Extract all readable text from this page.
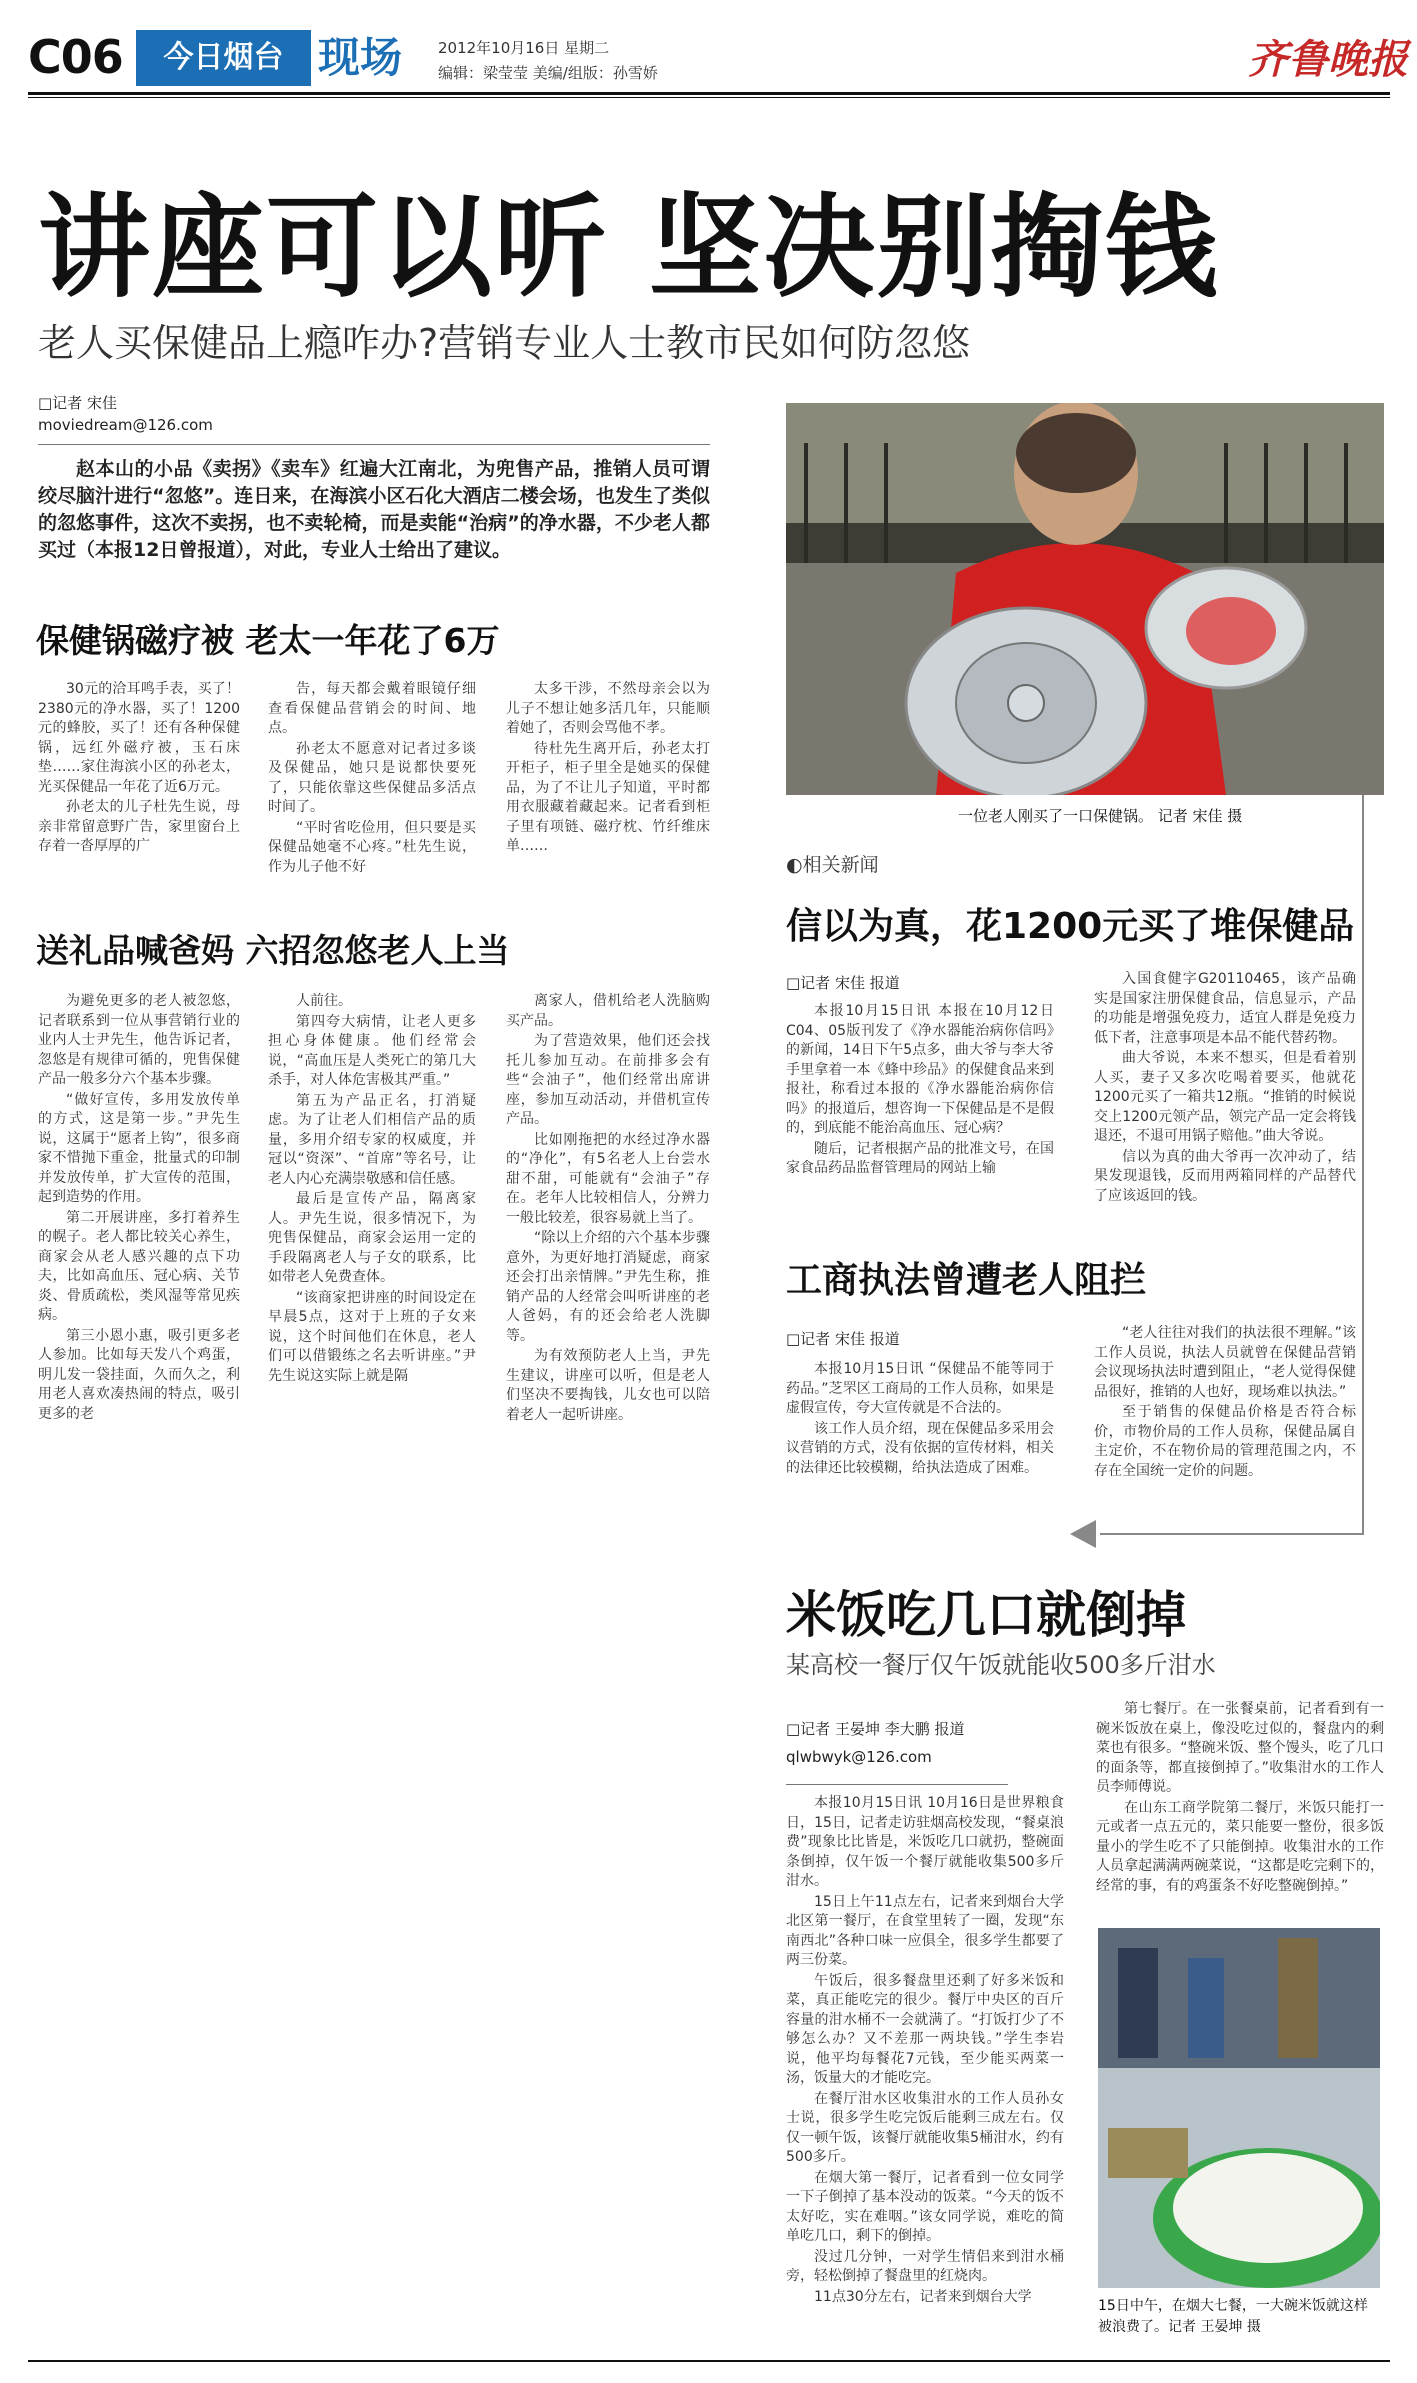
C06	今日烟台 现场 2012年10月16日 星期二
编辑：梁莹莹 美编/组版：孙雪娇	齐鲁晚报
讲座可以听 坚决别掏钱
老人买保健品上瘾咋办?营销专业人士教市民如何防忽悠
□记者 宋佳
moviedream@126.com
赵本山的小品《卖拐》《卖车》红遍大江南北，为兜售产品，推销人员可谓绞尽脑汁进行“忽悠”。连日来，在海滨小区石化大酒店二楼会场，也发生了类似的忽悠事件，这次不卖拐，也不卖轮椅，而是卖能“治病”的净水器，不少老人都买过（本报12日曾报道），对此，专业人士给出了建议。
保健锅磁疗被 老太一年花了6万

30元的洽耳鸣手表，买了！2380元的净水器，买了！1200元的蜂胶，买了！还有各种保健锅，远红外磁疗被，玉石床垫……家住海滨小区的孙老太，光买保健品一年花了近6万元。

孙老太的儿子杜先生说，母亲非常留意野广告，家里窗台上存着一沓厚厚的广

告，每天都会戴着眼镜仔细查看保健品营销会的时间、地点。

孙老太不愿意对记者过多谈及保健品，她只是说都快要死了，只能依靠这些保健品多活点时间了。

“平时省吃俭用，但只要是买保健品她毫不心疼。”杜先生说，作为儿子他不好

太多干涉，不然母亲会以为儿子不想让她多活几年，只能顺着她了，否则会骂他不孝。

待杜先生离开后，孙老太打开柜子，柜子里全是她买的保健品，为了不让儿子知道，平时都用衣服藏着藏起来。记者看到柜子里有项链、磁疗枕、竹纤维床单……

送礼品喊爸妈 六招忽悠老人上当

为避免更多的老人被忽悠，记者联系到一位从事营销行业的业内人士尹先生，他告诉记者，忽悠是有规律可循的，兜售保健产品一般多分六个基本步骤。

“做好宣传，多用发放传单的方式，这是第一步。”尹先生说，这属于“愿者上钩”，很多商家不惜抛下重金，批量式的印制并发放传单，扩大宣传的范围，起到造势的作用。

第二开展讲座，多打着养生的幌子。老人都比较关心养生，商家会从老人感兴趣的点下功夫，比如高血压、冠心病、关节炎、骨质疏松，类风湿等常见疾病。

第三小恩小惠，吸引更多老人参加。比如每天发八个鸡蛋，明儿发一袋挂面，久而久之，利用老人喜欢凑热闹的特点，吸引更多的老

人前往。

第四夸大病情，让老人更多担心身体健康。他们经常会说，“高血压是人类死亡的第几大杀手，对人体危害极其严重。”

第五为产品正名，打消疑虑。为了让老人们相信产品的质量，多用介绍专家的权威度，并冠以“资深”、“首席”等名号，让老人内心充满崇敬感和信任感。

最后是宣传产品，隔离家人。尹先生说，很多情况下，为兜售保健品，商家会运用一定的手段隔离老人与子女的联系，比如带老人免费查体。

“该商家把讲座的时间设定在早晨5点，这对于上班的子女来说，这个时间他们在休息，老人们可以借锻练之名去听讲座。”尹先生说这实际上就是隔

离家人，借机给老人洗脑购买产品。

为了营造效果，他们还会找托儿参加互动。在前排多会有些“会油子”，他们经常出席讲座，参加互动活动，并借机宣传产品。

比如刚拖把的水经过净水器的“净化”，有5名老人上台尝水甜不甜，可能就有“会油子”存在。老年人比较相信人，分辨力一般比较差，很容易就上当了。

“除以上介绍的六个基本步骤意外，为更好地打消疑虑，商家还会打出亲情牌。”尹先生称，推销产品的人经常会叫听讲座的老人爸妈，有的还会给老人洗脚等。

为有效预防老人上当，尹先生建议，讲座可以听，但是老人们坚决不要掏钱，儿女也可以陪着老人一起听讲座。

一位老人刚买了一口保健锅。 记者 宋佳 摄
◐相关新闻
信以为真，花1200元买了堆保健品
□记者 宋佳 报道

本报10月15日讯 本报在10月12日C04、05版刊发了《净水器能治病你信吗》的新闻，14日下午5点多，曲大爷与李大爷手里拿着一本《蜂中珍品》的保健食品来到报社，称看过本报的《净水器能治病你信吗》的报道后，想咨询一下保健品是不是假的，到底能不能治高血压、冠心病？

随后，记者根据产品的批准文号，在国家食品药品监督管理局的网站上输

入国食健字G20110465，该产品确实是国家注册保健食品，信息显示，产品的功能是增强免疫力，适宜人群是免疫力低下者，注意事项是本品不能代替药物。

曲大爷说，本来不想买，但是看着别人买，妻子又多次吃喝着要买，他就花1200元买了一箱共12瓶。“推销的时候说交上1200元领产品，领完产品一定会将钱退还，不退可用锅子赔他。”曲大爷说。

信以为真的曲大爷再一次冲动了，结果发现退钱，反而用两箱同样的产品替代了应该返回的钱。

工商执法曾遭老人阻拦
□记者 宋佳 报道

本报10月15日讯 “保健品不能等同于药品。”芝罘区工商局的工作人员称，如果是虚假宣传，夸大宣传就是不合法的。

该工作人员介绍，现在保健品多采用会议营销的方式，没有依据的宣传材料，相关的法律还比较模糊，给执法造成了困难。

“老人往往对我们的执法很不理解。”该工作人员说，执法人员就曾在保健品营销会议现场执法时遭到阻止，“老人觉得保健品很好，推销的人也好，现场难以执法。”

至于销售的保健品价格是否符合标价，市物价局的工作人员称，保健品属自主定价，不在物价局的管理范围之内，不存在全国统一定价的问题。

米饭吃几口就倒掉
某高校一餐厅仅午饭就能收500多斤泔水
□记者 王晏坤 李大鹏 报道
qlwbwyk@126.com

本报10月15日讯 10月16日是世界粮食日，15日，记者走访驻烟高校发现，“餐桌浪费”现象比比皆是，米饭吃几口就扔，整碗面条倒掉，仅午饭一个餐厅就能收集500多斤泔水。

15日上午11点左右，记者来到烟台大学北区第一餐厅，在食堂里转了一圈，发现“东南西北”各种口味一应俱全，很多学生都要了两三份菜。

午饭后，很多餐盘里还剩了好多米饭和菜，真正能吃完的很少。餐厅中央区的百斤容量的泔水桶不一会就满了。“打饭打少了不够怎么办？又不差那一两块钱。”学生李岩说，他平均每餐花7元钱，至少能买两菜一汤，饭量大的才能吃完。

在餐厅泔水区收集泔水的工作人员孙女士说，很多学生吃完饭后能剩三成左右。仅仅一顿午饭，该餐厅就能收集5桶泔水，约有500多斤。

在烟大第一餐厅，记者看到一位女同学一下子倒掉了基本没动的饭菜。“今天的饭不太好吃，实在难咽。”该女同学说，难吃的简单吃几口，剩下的倒掉。

没过几分钟，一对学生情侣来到泔水桶旁，轻松倒掉了餐盘里的红烧肉。

11点30分左右，记者来到烟台大学

第七餐厅。在一张餐桌前，记者看到有一碗米饭放在桌上，像没吃过似的，餐盘内的剩菜也有很多。“整碗米饭、整个馒头，吃了几口的面条等，都直接倒掉了。”收集泔水的工作人员李师傅说。

在山东工商学院第二餐厅，米饭只能打一元或者一点五元的，菜只能要一整份，很多饭量小的学生吃不了只能倒掉。收集泔水的工作人员拿起满满两碗菜说，“这都是吃完剩下的，经常的事，有的鸡蛋条不好吃整碗倒掉。”

15日中午，在烟大七餐，一大碗米饭就这样被浪费了。记者 王晏坤 摄
